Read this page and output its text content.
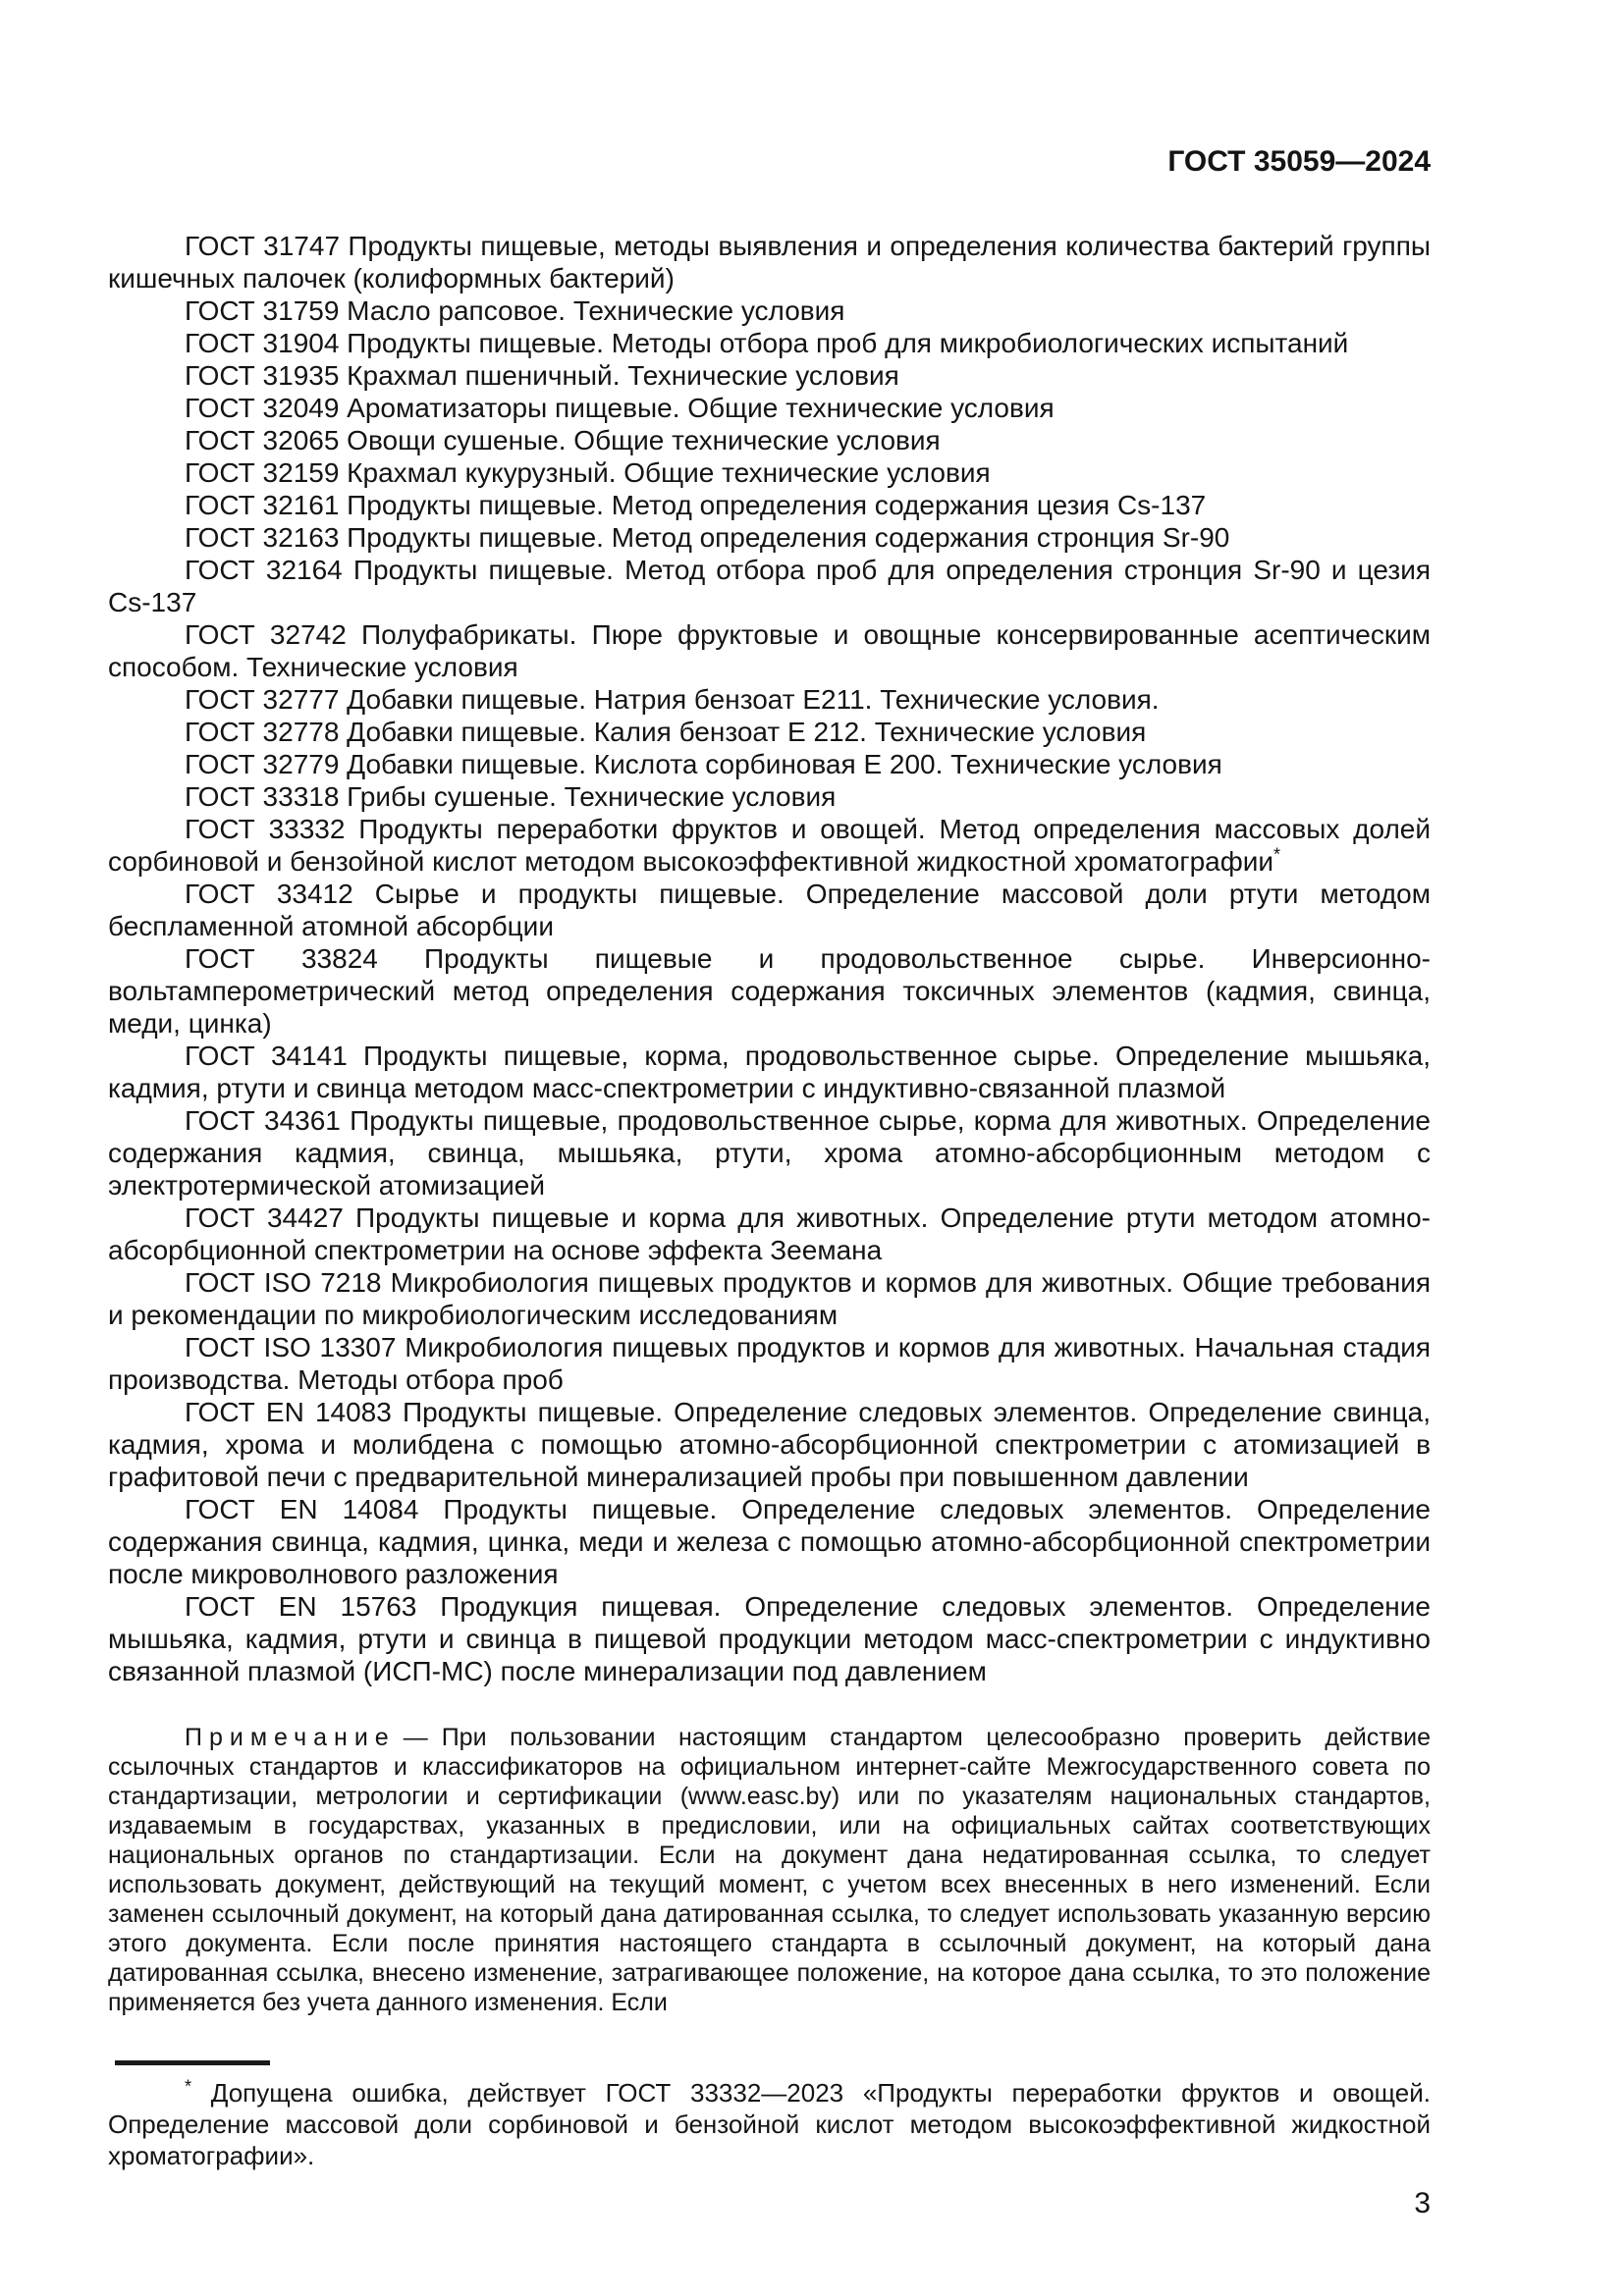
ГОСТ 35059—2024

ГОСТ 31747 Продукты пищевые, методы выявления и определения количества бактерий группы кишечных палочек (колиформных бактерий)

ГОСТ 31759 Масло рапсовое. Технические условия

ГОСТ 31904 Продукты пищевые. Методы отбора проб для микробиологических испытаний

ГОСТ 31935 Крахмал пшеничный. Технические условия

ГОСТ 32049 Ароматизаторы пищевые. Общие технические условия

ГОСТ 32065 Овощи сушеные. Общие технические условия

ГОСТ 32159 Крахмал кукурузный. Общие технические условия

ГОСТ 32161 Продукты пищевые. Метод определения содержания цезия Cs-137

ГОСТ 32163 Продукты пищевые. Метод определения содержания стронция Sr-90

ГОСТ 32164 Продукты пищевые. Метод отбора проб для определения стронция Sr-90 и цезия Cs-137

ГОСТ 32742 Полуфабрикаты. Пюре фруктовые и овощные консервированные асептическим способом. Технические условия

ГОСТ 32777 Добавки пищевые. Натрия бензоат Е211. Технические условия.

ГОСТ 32778 Добавки пищевые. Калия бензоат Е 212. Технические условия

ГОСТ 32779 Добавки пищевые. Кислота сорбиновая Е 200. Технические условия

ГОСТ 33318 Грибы сушеные. Технические условия

ГОСТ 33332 Продукты переработки фруктов и овощей. Метод определения массовых долей сорбиновой и бензойной кислот методом высокоэффективной жидкостной хроматографии*

ГОСТ 33412 Сырье и продукты пищевые. Определение массовой доли ртути методом беспламенной атомной абсорбции

ГОСТ 33824 Продукты пищевые и продовольственное сырье. Инверсионно-вольтамперометрический метод определения содержания токсичных элементов (кадмия, свинца, меди, цинка)

ГОСТ 34141 Продукты пищевые, корма, продовольственное сырье. Определение мышьяка, кадмия, ртути и свинца методом масс-спектрометрии с индуктивно-связанной плазмой

ГОСТ 34361 Продукты пищевые, продовольственное сырье, корма для животных. Определение содержания кадмия, свинца, мышьяка, ртути, хрома атомно-абсорбционным методом с электротермической атомизацией

ГОСТ 34427 Продукты пищевые и корма для животных. Определение ртути методом атомно-абсорбционной спектрометрии на основе эффекта Зеемана

ГОСТ ISO 7218 Микробиология пищевых продуктов и кормов для животных. Общие требования и рекомендации по микробиологическим исследованиям

ГОСТ ISO 13307 Микробиология пищевых продуктов и кормов для животных. Начальная стадия производства. Методы отбора проб

ГОСТ EN 14083 Продукты пищевые. Определение следовых элементов. Определение свинца, кадмия, хрома и молибдена с помощью атомно-абсорбционной спектрометрии с атомизацией в графитовой печи с предварительной минерализацией пробы при повышенном давлении

ГОСТ EN 14084 Продукты пищевые. Определение следовых элементов. Определение содержания свинца, кадмия, цинка, меди и железа с помощью атомно-абсорбционной спектрометрии после микроволнового разложения

ГОСТ EN 15763 Продукция пищевая. Определение следовых элементов. Определение мышьяка, кадмия, ртути и свинца в пищевой продукции методом масс-спектрометрии с индуктивно связанной плазмой (ИСП-МС) после минерализации под давлением

Примечание — При пользовании настоящим стандартом целесообразно проверить действие ссылочных стандартов и классификаторов на официальном интернет-сайте Межгосударственного совета по стандартизации, метрологии и сертификации (www.easc.by) или по указателям национальных стандартов, издаваемым в государствах, указанных в предисловии, или на официальных сайтах соответствующих национальных органов по стандартизации. Если на документ дана недатированная ссылка, то следует использовать документ, действующий на текущий момент, с учетом всех внесенных в него изменений. Если заменен ссылочный документ, на который дана датированная ссылка, то следует использовать указанную версию этого документа. Если после принятия настоящего стандарта в ссылочный документ, на который дана датированная ссылка, внесено изменение, затрагивающее положение, на которое дана ссылка, то это положение применяется без учета данного изменения. Если

* Допущена ошибка, действует ГОСТ 33332—2023 «Продукты переработки фруктов и овощей. Определение массовой доли сорбиновой и бензойной кислот методом высокоэффективной жидкостной хроматографии».

3
